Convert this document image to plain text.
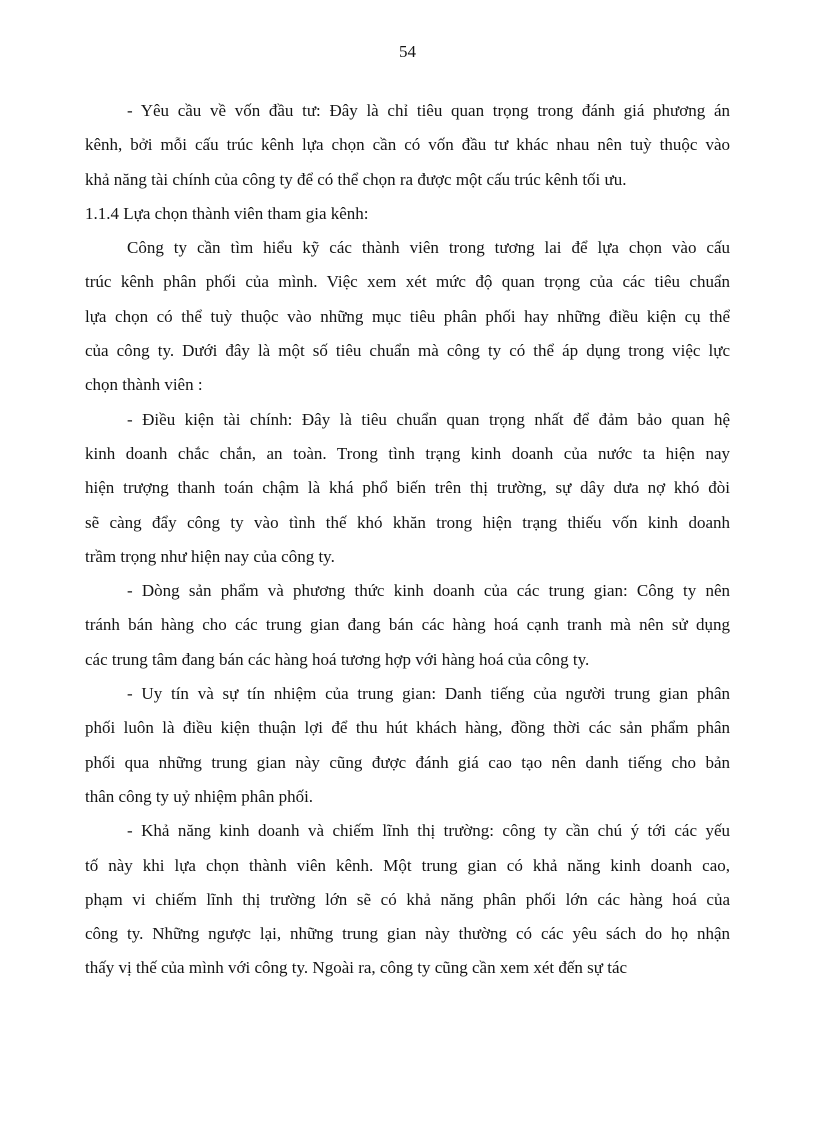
54
- Yêu cầu về vốn đầu tư: Đây là chỉ tiêu quan trọng trong đánh giá phương án
kênh, bởi mỗi cấu trúc kênh lựa chọn cần có vốn đầu tư khác nhau nên tuỳ thuộc vào
khả năng tài chính của công ty để có thể chọn ra được một cấu trúc kênh tối ưu.
1.1.4 Lựa chọn thành viên tham gia kênh:
Công ty cần tìm hiểu kỹ các thành viên trong tương lai để lựa chọn vào cấu
trúc kênh phân phối của mình. Việc xem xét mức độ quan trọng của các tiêu chuẩn
lựa chọn có thể tuỳ thuộc vào những mục tiêu phân phối hay những điều kiện cụ thể
của công ty. Dưới đây là một số tiêu chuẩn mà công ty có thể áp dụng trong việc lực
chọn thành viên :
- Điều kiện tài chính: Đây là tiêu chuẩn quan trọng nhất để đảm bảo quan hệ
kinh doanh chắc chắn, an toàn. Trong tình trạng kinh doanh của nước ta hiện nay
hiện trượng thanh toán chậm là khá phổ biến trên thị trường, sự dây dưa nợ khó đòi
sẽ càng đẩy công ty vào tình thế khó khăn trong hiện trạng thiếu vốn kinh doanh
trầm trọng như hiện nay của công ty.
- Dòng sản phẩm và phương thức kinh doanh của các trung gian: Công ty nên
tránh bán hàng cho các trung gian đang bán các hàng hoá cạnh tranh mà nên sử dụng
các trung tâm đang bán các hàng hoá tương hợp với hàng hoá của công ty.
- Uy tín và sự tín nhiệm của trung gian: Danh tiếng của người trung gian phân
phối luôn là điều kiện thuận lợi để thu hút khách hàng, đồng thời các sản phẩm phân
phối qua những trung gian này cũng được đánh giá cao tạo nên danh tiếng cho bản
thân công ty uỷ nhiệm phân phối.
- Khả năng kinh doanh và chiếm lĩnh thị trường: công ty cần chú ý tới các yếu
tố này khi lựa chọn thành viên kênh. Một trung gian có khả năng kinh doanh cao,
phạm vi chiếm lĩnh thị trường lớn sẽ có khả năng phân phối lớn các hàng hoá của
công ty. Những ngược lại, những trung gian này thường có các yêu sách do họ nhận
thấy vị thế của mình với công ty. Ngoài ra, công ty cũng cần xem xét đến sự tác
